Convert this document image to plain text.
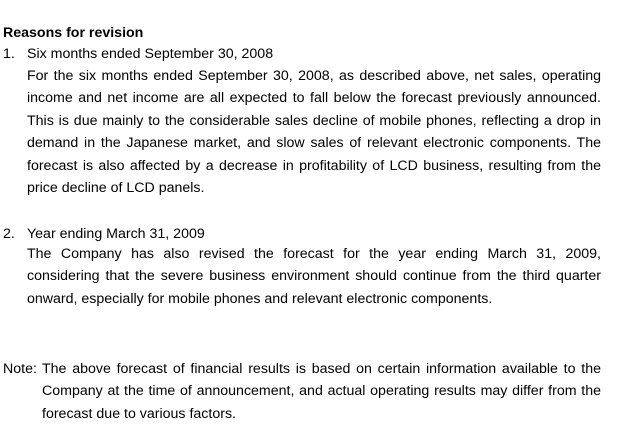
Reasons for revision
1. Six months ended September 30, 2008

For the six months ended September 30, 2008, as described above, net sales, operating income and net income are all expected to fall below the forecast previously announced. This is due mainly to the considerable sales decline of mobile phones, reflecting a drop in demand in the Japanese market, and slow sales of relevant electronic components. The forecast is also affected by a decrease in profitability of LCD business, resulting from the price decline of LCD panels.

2. Year ending March 31, 2009

The Company has also revised the forecast for the year ending March 31, 2009, considering that the severe business environment should continue from the third quarter onward, especially for mobile phones and relevant electronic components.

Note: The above forecast of financial results is based on certain information available to the Company at the time of announcement, and actual operating results may differ from the forecast due to various factors.
